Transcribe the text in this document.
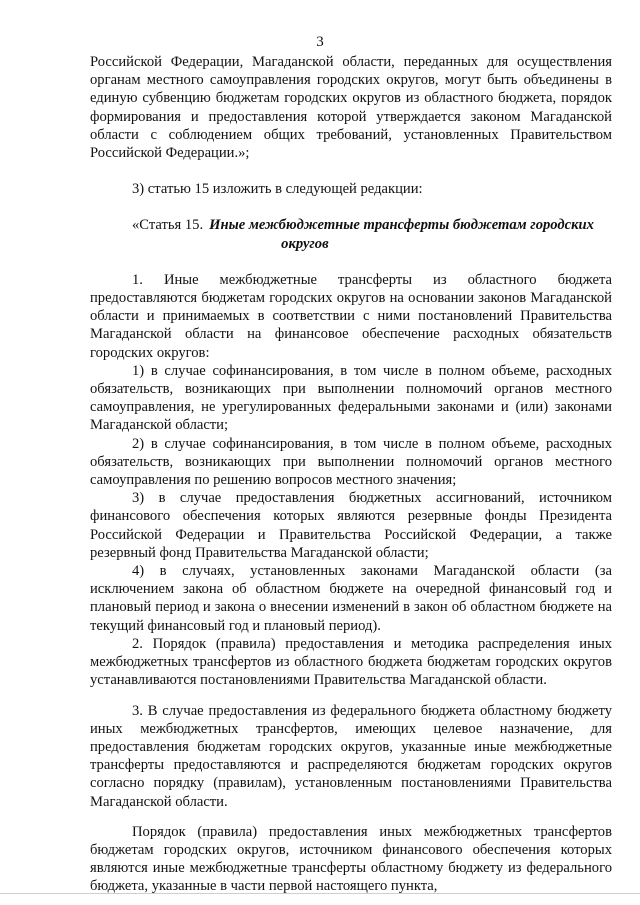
3

Российской Федерации, Магаданской области, переданных для осуществления органам местного самоуправления городских округов, могут быть объединены в единую субвенцию бюджетам городских округов из областного бюджета, порядок формирования и предоставления которой утверждается законом Магаданской области с соблюдением общих требований, установленных Правительством Российской Федерации.»;

3) статью 15 изложить в следующей редакции:

«Статья 15. Иные межбюджетные трансферты бюджетам городских
округов

1. Иные межбюджетные трансферты из областного бюджета предоставляются бюджетам городских округов на основании законов Магаданской области и принимаемых в соответствии с ними постановлений Правительства Магаданской области на финансовое обеспечение расходных обязательств городских округов:

1) в случае софинансирования, в том числе в полном объеме, расходных обязательств, возникающих при выполнении полномочий органов местного самоуправления, не урегулированных федеральными законами и (или) законами Магаданской области;

2) в случае софинансирования, в том числе в полном объеме, расходных обязательств, возникающих при выполнении полномочий органов местного самоуправления по решению вопросов местного значения;

3) в случае предоставления бюджетных ассигнований, источником финансового обеспечения которых являются резервные фонды Президента Российской Федерации и Правительства Российской Федерации, а также резервный фонд Правительства Магаданской области;

4) в случаях, установленных законами Магаданской области (за исключением закона об областном бюджете на очередной финансовый год и плановый период и закона о внесении изменений в закон об областном бюджете на текущий финансовый год и плановый период).

2. Порядок (правила) предоставления и методика распределения иных межбюджетных трансфертов из областного бюджета бюджетам городских округов устанавливаются постановлениями Правительства Магаданской области.

3. В случае предоставления из федерального бюджета областному бюджету иных межбюджетных трансфертов, имеющих целевое назначение, для предоставления бюджетам городских округов, указанные иные межбюджетные трансферты предоставляются и распределяются бюджетам городских округов согласно порядку (правилам), установленным постановлениями Правительства Магаданской области.

Порядок (правила) предоставления иных межбюджетных трансфертов бюджетам городских округов, источником финансового обеспечения которых являются иные межбюджетные трансферты областному бюджету из федерального бюджета, указанные в части первой настоящего пункта,
